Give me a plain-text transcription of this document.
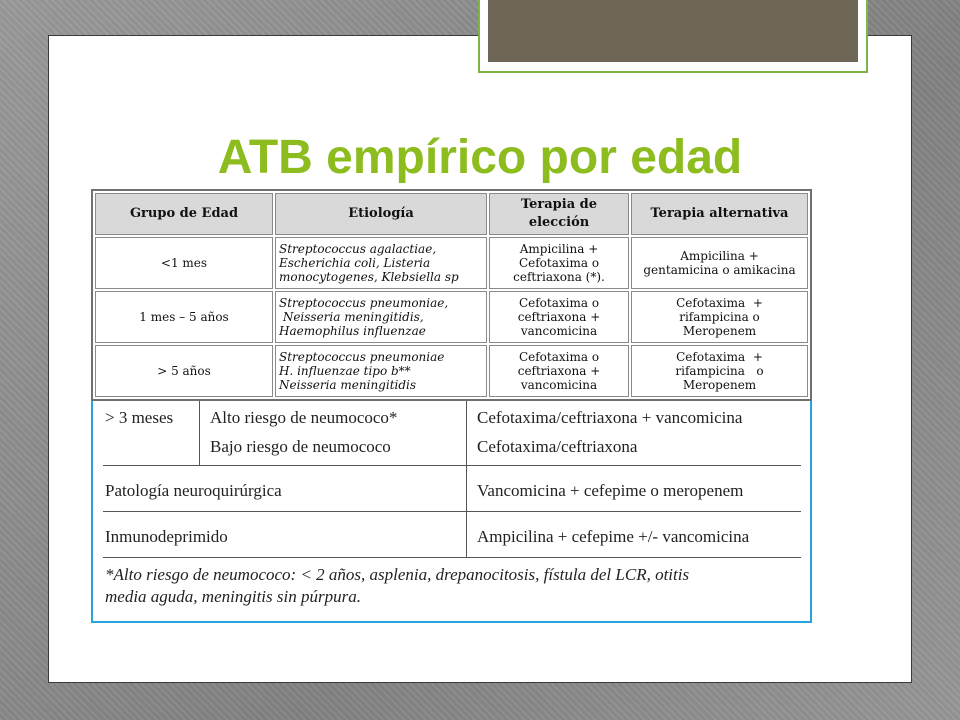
ATB empírico por edad
Grupo de Edad	Etiología	Terapia de elección	Terapia alternativa
<1 mes	Streptococcus agalactiae,
Escherichia coli, Listeria
monocytogenes, Klebsiella sp	Ampicilina +
Cefotaxima o
ceftriaxona (*).	Ampicilina +
gentamicina o amikacina

1 mes – 5 años	Streptococcus pneumoniae,
Neisseria meningitidis,
Haemophilus influenzae	Cefotaxima o
ceftriaxona +
vancomicina	Cefotaxima  +
rifampicina o
Meropenem

> 5 años	Streptococcus pneumoniae
H. influenzae tipo b**
Neisseria meningitidis	Cefotaxima o
ceftriaxona +
vancomicina	Cefotaxima  +
rifampicina   o
Meropenem
> 3 meses	Alto riesgo de neumococo*	Cefotaxima/ceftriaxona + vancomicina
	Bajo riesgo de neumococo	Cefotaxima/ceftriaxona
Patología neuroquirúrgica		Vancomicina + cefepime o meropenem
Inmunodeprimido		Ampicilina + cefepime +/- vancomicina

*Alto riesgo de neumococo: < 2 años, asplenia, drepanocitosis, fístula del LCR, otitis
media aguda, meningitis sin púrpura.
